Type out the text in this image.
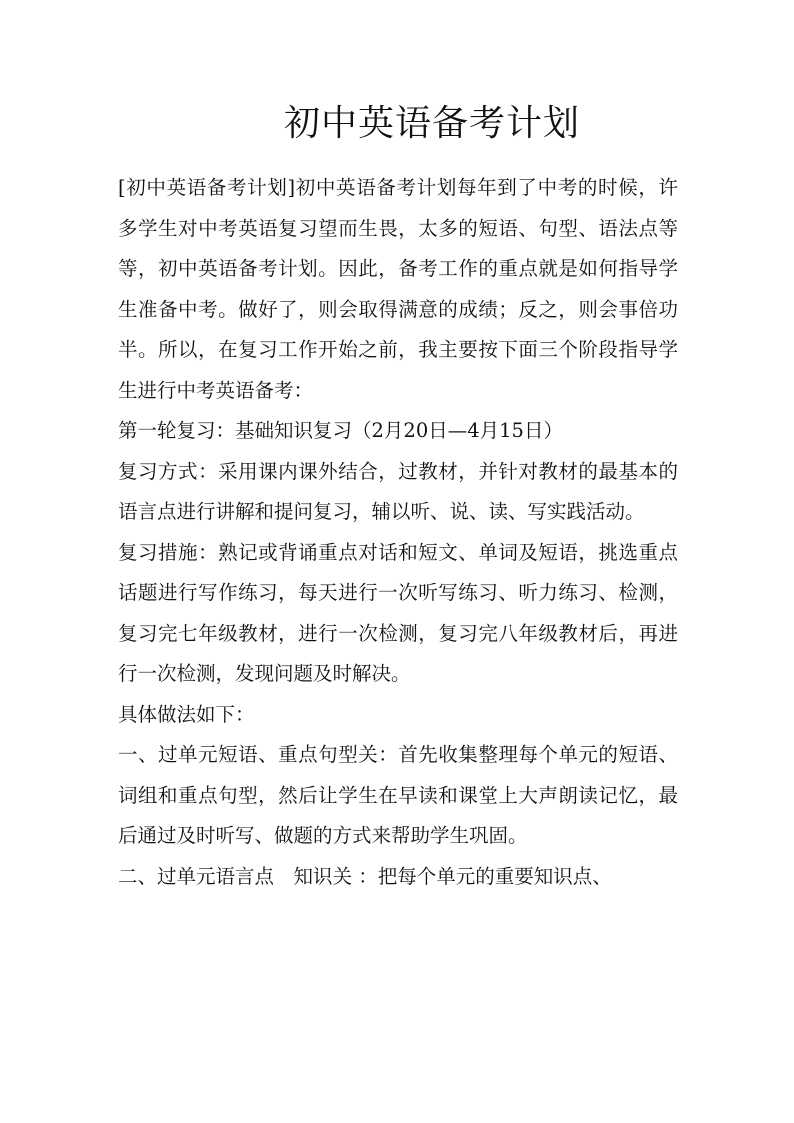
初中英语备考计划

[初中英语备考计划]初中英语备考计划每年到了中考的时候，许多学生对中考英语复习望而生畏，太多的短语、句型、语法点等等，初中英语备考计划。因此，备考工作的重点就是如何指导学生准备中考。做好了，则会取得满意的成绩；反之，则会事倍功半。所以，在复习工作开始之前，我主要按下面三个阶段指导学生进行中考英语备考：

第一轮复习：基础知识复习（2月20日—4月15日）

复习方式：采用课内课外结合，过教材，并针对教材的最基本的语言点进行讲解和提问复习，辅以听、说、读、写实践活动。

复习措施：熟记或背诵重点对话和短文、单词及短语，挑选重点话题进行写作练习，每天进行一次听写练习、听力练习、检测，复习完七年级教材，进行一次检测，复习完八年级教材后，再进行一次检测，发现问题及时解决。

具体做法如下：

一、过单元短语、重点句型关：首先收集整理每个单元的短语、词组和重点句型，然后让学生在早读和课堂上大声朗读记忆，最后通过及时听写、做题的方式来帮助学生巩固。

二、过单元语言点　知识关 ：把每个单元的重要知识点、
